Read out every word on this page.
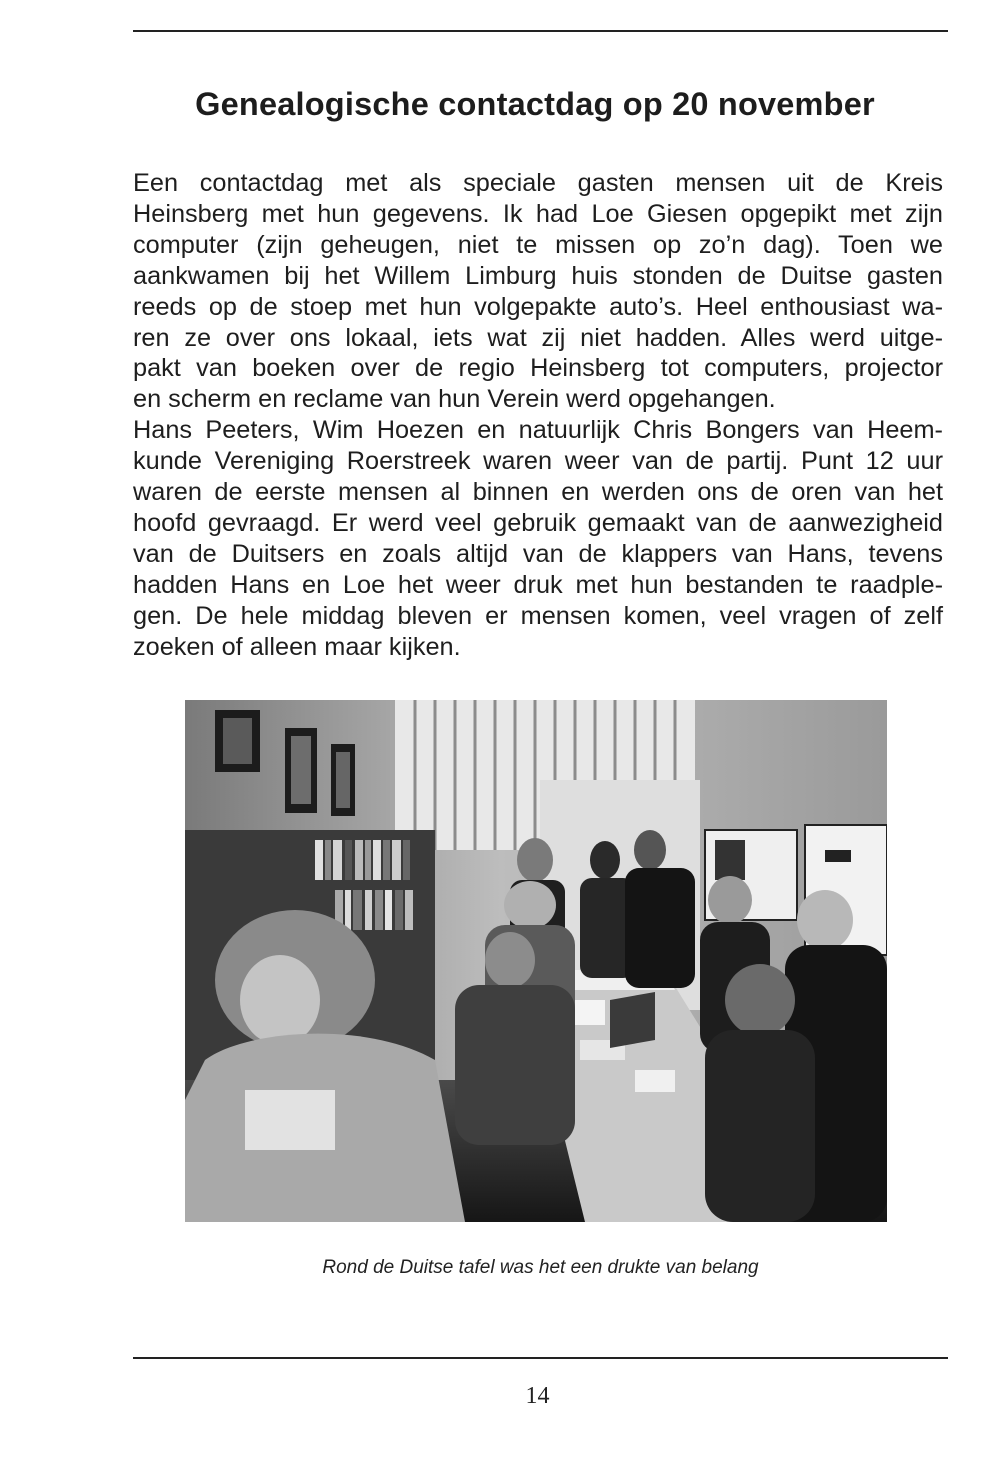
Genealogische contactdag op 20 november
Een contactdag met als speciale gasten mensen uit de Kreis
Heinsberg met hun gegevens. Ik had Loe Giesen opgepikt met zijn
computer (zijn geheugen, niet te missen op zo’n dag). Toen we
aankwamen bij het Willem Limburg huis stonden de Duitse gasten
reeds op de stoep met hun volgepakte auto’s. Heel enthousiast wa-
ren ze over ons lokaal, iets wat zij niet hadden. Alles werd uitge-
pakt van boeken over de regio Heinsberg tot computers, projector
en scherm en reclame van hun Verein werd opgehangen.
Hans Peeters, Wim Hoezen en natuurlijk Chris Bongers van Heem-
kunde Vereniging Roerstreek waren weer van de partij. Punt 12 uur
waren de eerste mensen al binnen en werden ons de oren van het
hoofd gevraagd. Er werd veel gebruik gemaakt van de aanwezigheid
van de Duitsers en zoals altijd van de klappers van Hans, tevens
hadden Hans en Loe het weer druk met hun bestanden te raadple-
gen. De hele middag bleven er mensen komen, veel vragen of zelf
zoeken of alleen maar kijken.
Rond de Duitse tafel was het een drukte van belang
14
